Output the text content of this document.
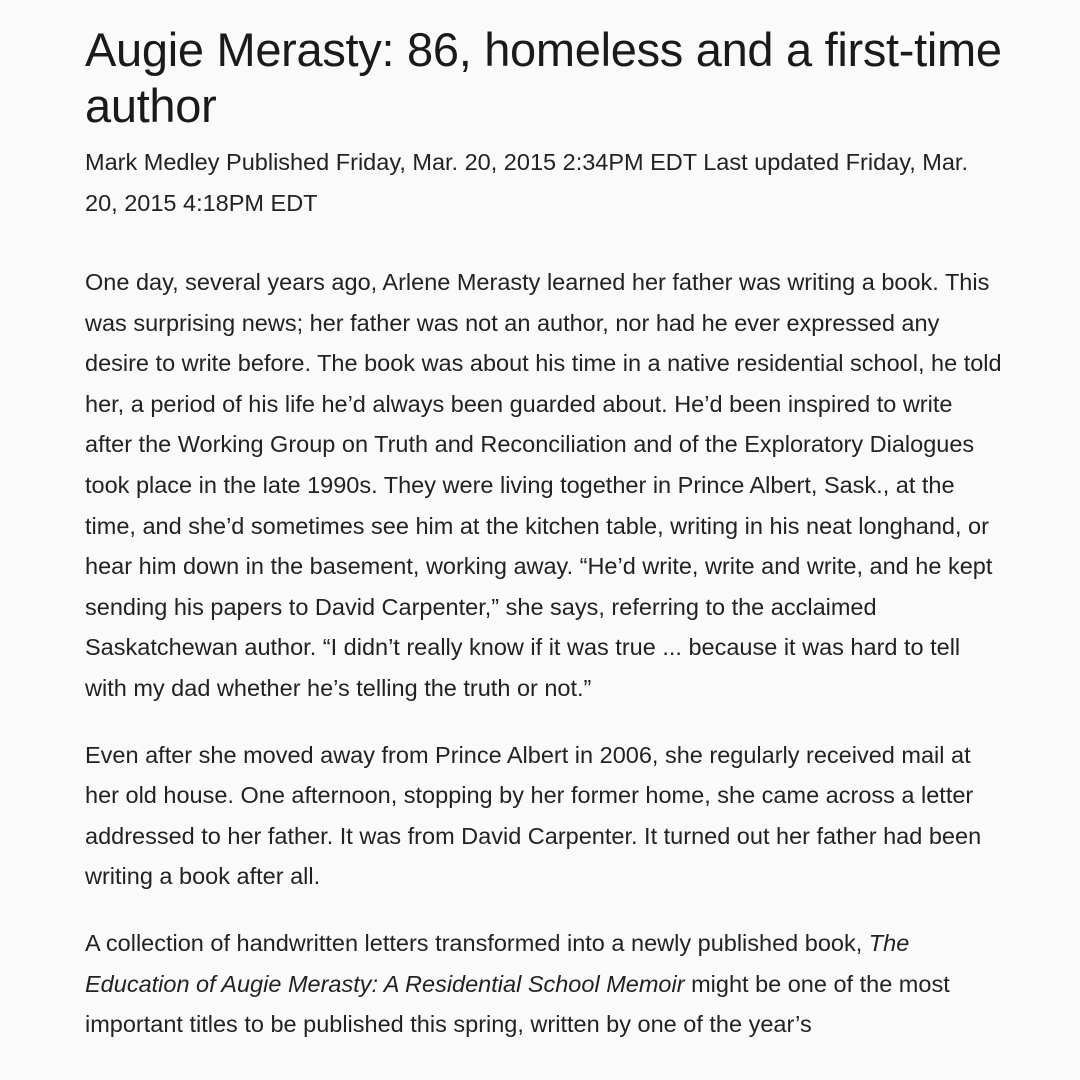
Augie Merasty: 86, homeless and a first-time author
Mark Medley Published Friday, Mar. 20, 2015 2:34PM EDT Last updated Friday, Mar. 20, 2015 4:18PM EDT

One day, several years ago, Arlene Merasty learned her father was writing a book. This was surprising news; her father was not an author, nor had he ever expressed any desire to write before. The book was about his time in a native residential school, he told her, a period of his life he’d always been guarded about. He’d been inspired to write after the Working Group on Truth and Reconciliation and of the Exploratory Dialogues took place in the late 1990s. They were living together in Prince Albert, Sask., at the time, and she’d sometimes see him at the kitchen table, writing in his neat longhand, or hear him down in the basement, working away. “He’d write, write and write, and he kept sending his papers to David Carpenter,” she says, referring to the acclaimed Saskatchewan author. “I didn’t really know if it was true ... because it was hard to tell with my dad whether he’s telling the truth or not.”

Even after she moved away from Prince Albert in 2006, she regularly received mail at her old house. One afternoon, stopping by her former home, she came across a letter addressed to her father. It was from David Carpenter. It turned out her father had been writing a book after all.

A collection of handwritten letters transformed into a newly published book, The Education of Augie Merasty: A Residential School Memoir might be one of the most important titles to be published this spring, written by one of the year’s
